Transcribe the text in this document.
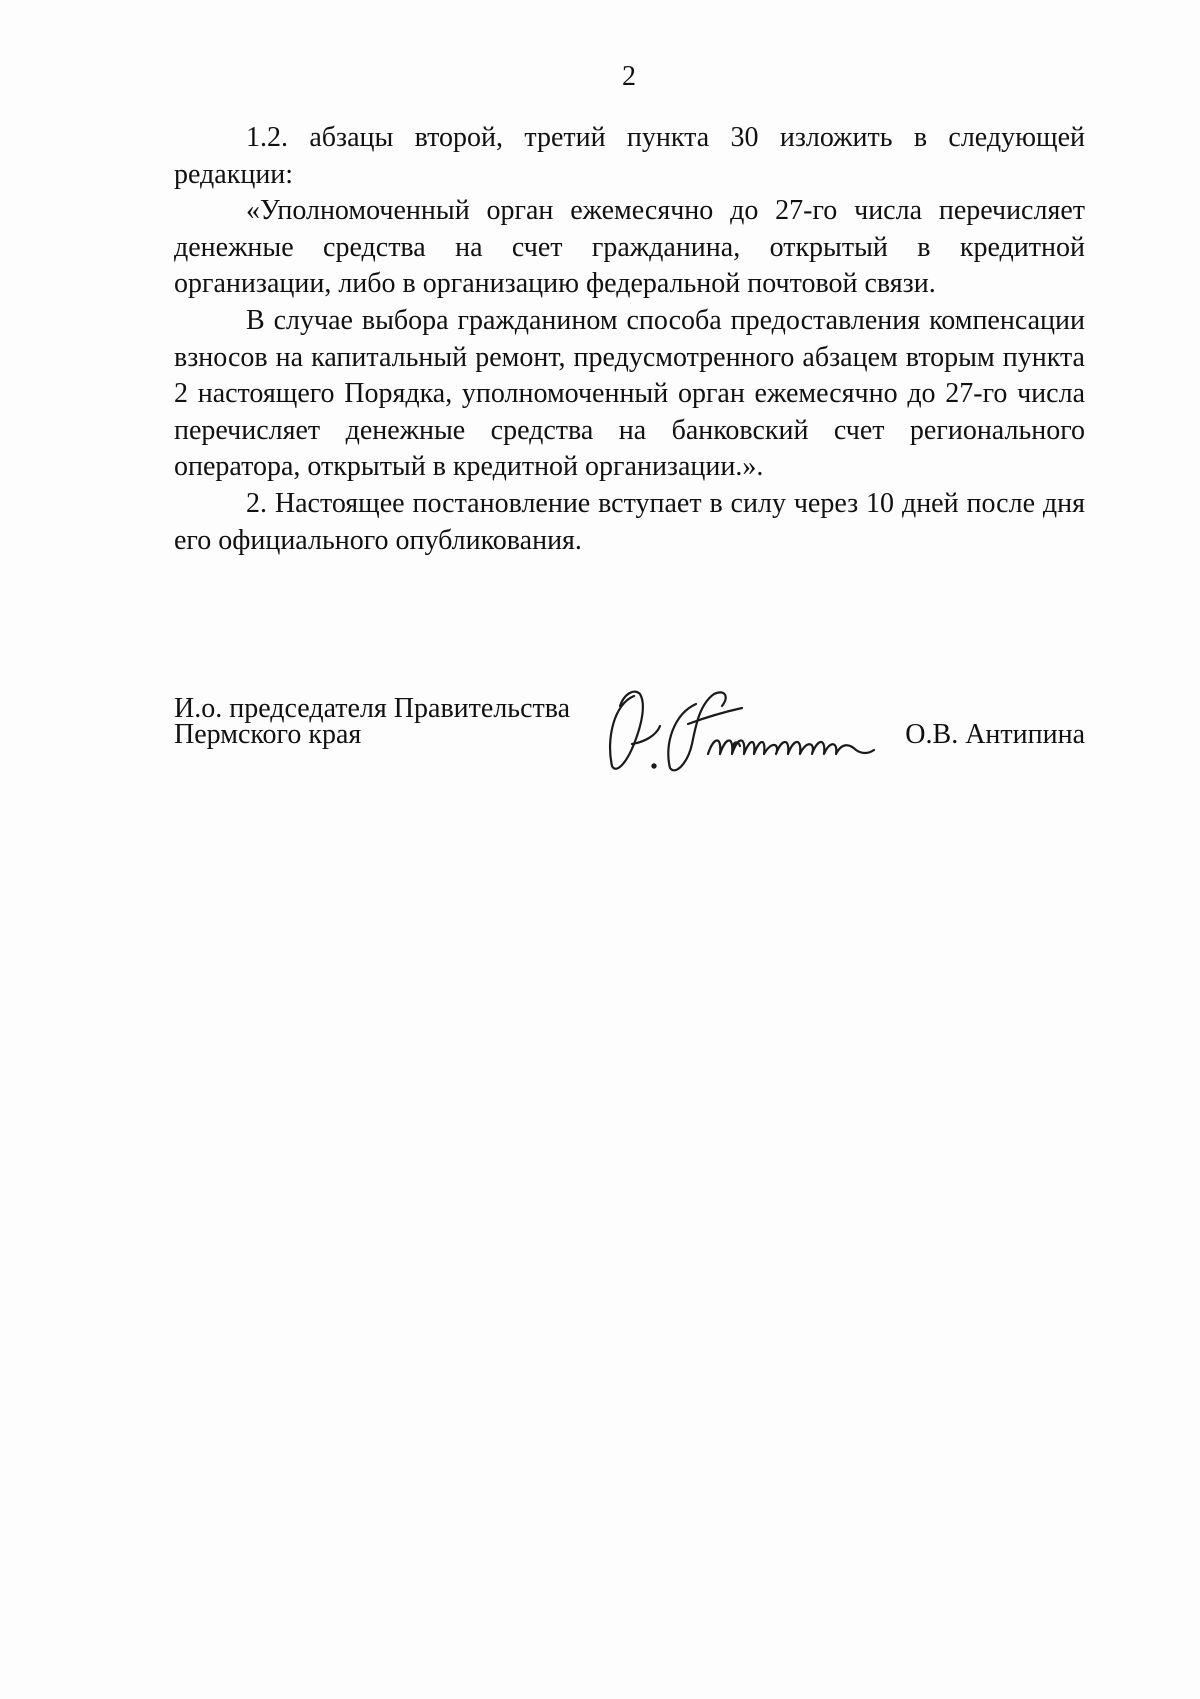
2

1.2. абзацы второй, третий пункта 30 изложить в следующей редакции:

«Уполномоченный орган ежемесячно до 27-го числа перечисляет денежные средства на счет гражданина, открытый в кредитной организации, либо в организацию федеральной почтовой связи.

В случае выбора гражданином способа предоставления компенсации взносов на капитальный ремонт, предусмотренного абзацем вторым пункта 2 настоящего Порядка, уполномоченный орган ежемесячно до 27-го числа перечисляет денежные средства на банковский счет регионального оператора, открытый в кредитной организации.».

2. Настоящее постановление вступает в силу через 10 дней после дня его официального опубликования.

И.о. председателя Правительства
Пермского края	О.В. Антипина
